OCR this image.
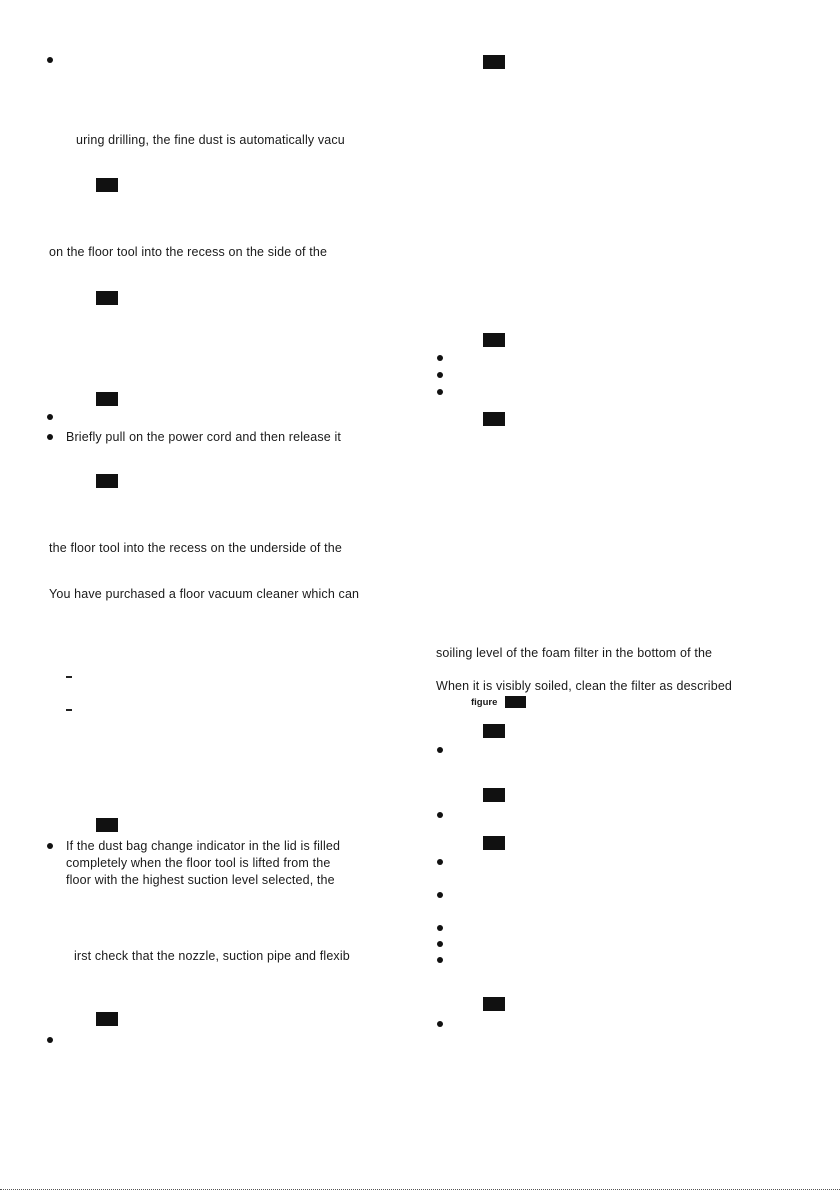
uring drilling, the fine dust is automatically vacu
on the floor tool into the recess on the side of the
Briefly pull on the power cord and then release it
the floor tool into the recess on the underside of the
You have purchased a floor vacuum cleaner which can
If the dust bag change indicator in the lid is filled
completely when the floor tool is lifted from the
floor with the highest suction level selected, the
irst check that the nozzle, suction pipe and flexib
soiling level of the foam filter in the bottom of the
When it is visibly soiled, clean the filter as described
figure
